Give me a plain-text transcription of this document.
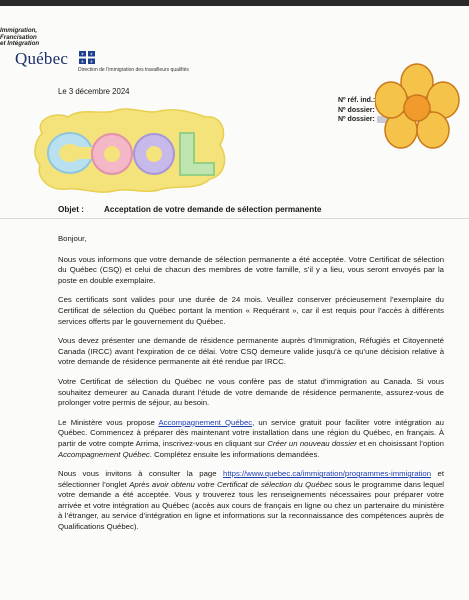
Immigration,
Francisation
et Intégration
Québec	⚜ ⚜
⚜ ⚜
Direction de l’immigration des travailleurs qualifiés
Le 3 décembre 2024
Nº réf. ind.:
Nº dossier:
Nº dossier:
Objet : Acceptation de votre demande de sélection permanente

Bonjour,

Nous vous informons que votre demande de sélection permanente a été acceptée. Votre Certificat de sélection du Québec (CSQ) et celui de chacun des membres de votre famille, s’il y a lieu, vous seront envoyés par la poste en double exemplaire.

Ces certificats sont valides pour une durée de 24 mois. Veuillez conserver précieusement l’exemplaire du Certificat de sélection du Québec portant la mention « Requérant », car il est requis pour l’accès à différents services offerts par le gouvernement du Québec.

Vous devez présenter une demande de résidence permanente auprès d’Immigration, Réfugiés et Citoyenneté Canada (IRCC) avant l’expiration de ce délai. Votre CSQ demeure valide jusqu’à ce qu’une décision relative à votre demande de résidence permanente ait été rendue par IRCC.

Votre Certificat de sélection du Québec ne vous confère pas de statut d’immigration au Canada. Si vous souhaitez demeurer au Canada durant l’étude de votre demande de résidence permanente, assurez-vous de prolonger votre permis de séjour, au besoin.

Le Ministère vous propose Accompagnement Québec, un service gratuit pour faciliter votre intégration au Québec. Commencez à préparer dès maintenant votre installation dans une région du Québec, en français. À partir de votre compte Arrima, inscrivez-vous en cliquant sur Créer un nouveau dossier et en choisissant l’option Accompagnement Québec. Complétez ensuite les informations demandées.

Nous vous invitons à consulter la page https://www.quebec.ca/immigration/programmes-immigration et sélectionner l’onglet Après avoir obtenu votre Certificat de sélection du Québec sous le programme dans lequel votre demande a été acceptée. Vous y trouverez tous les renseignements nécessaires pour préparer votre arrivée et votre intégration au Québec (accès aux cours de français en ligne ou chez un partenaire du ministère à l’étranger, au service d’intégration en ligne et informations sur la reconnaissance des compétences auprès de Qualifications Québec).
